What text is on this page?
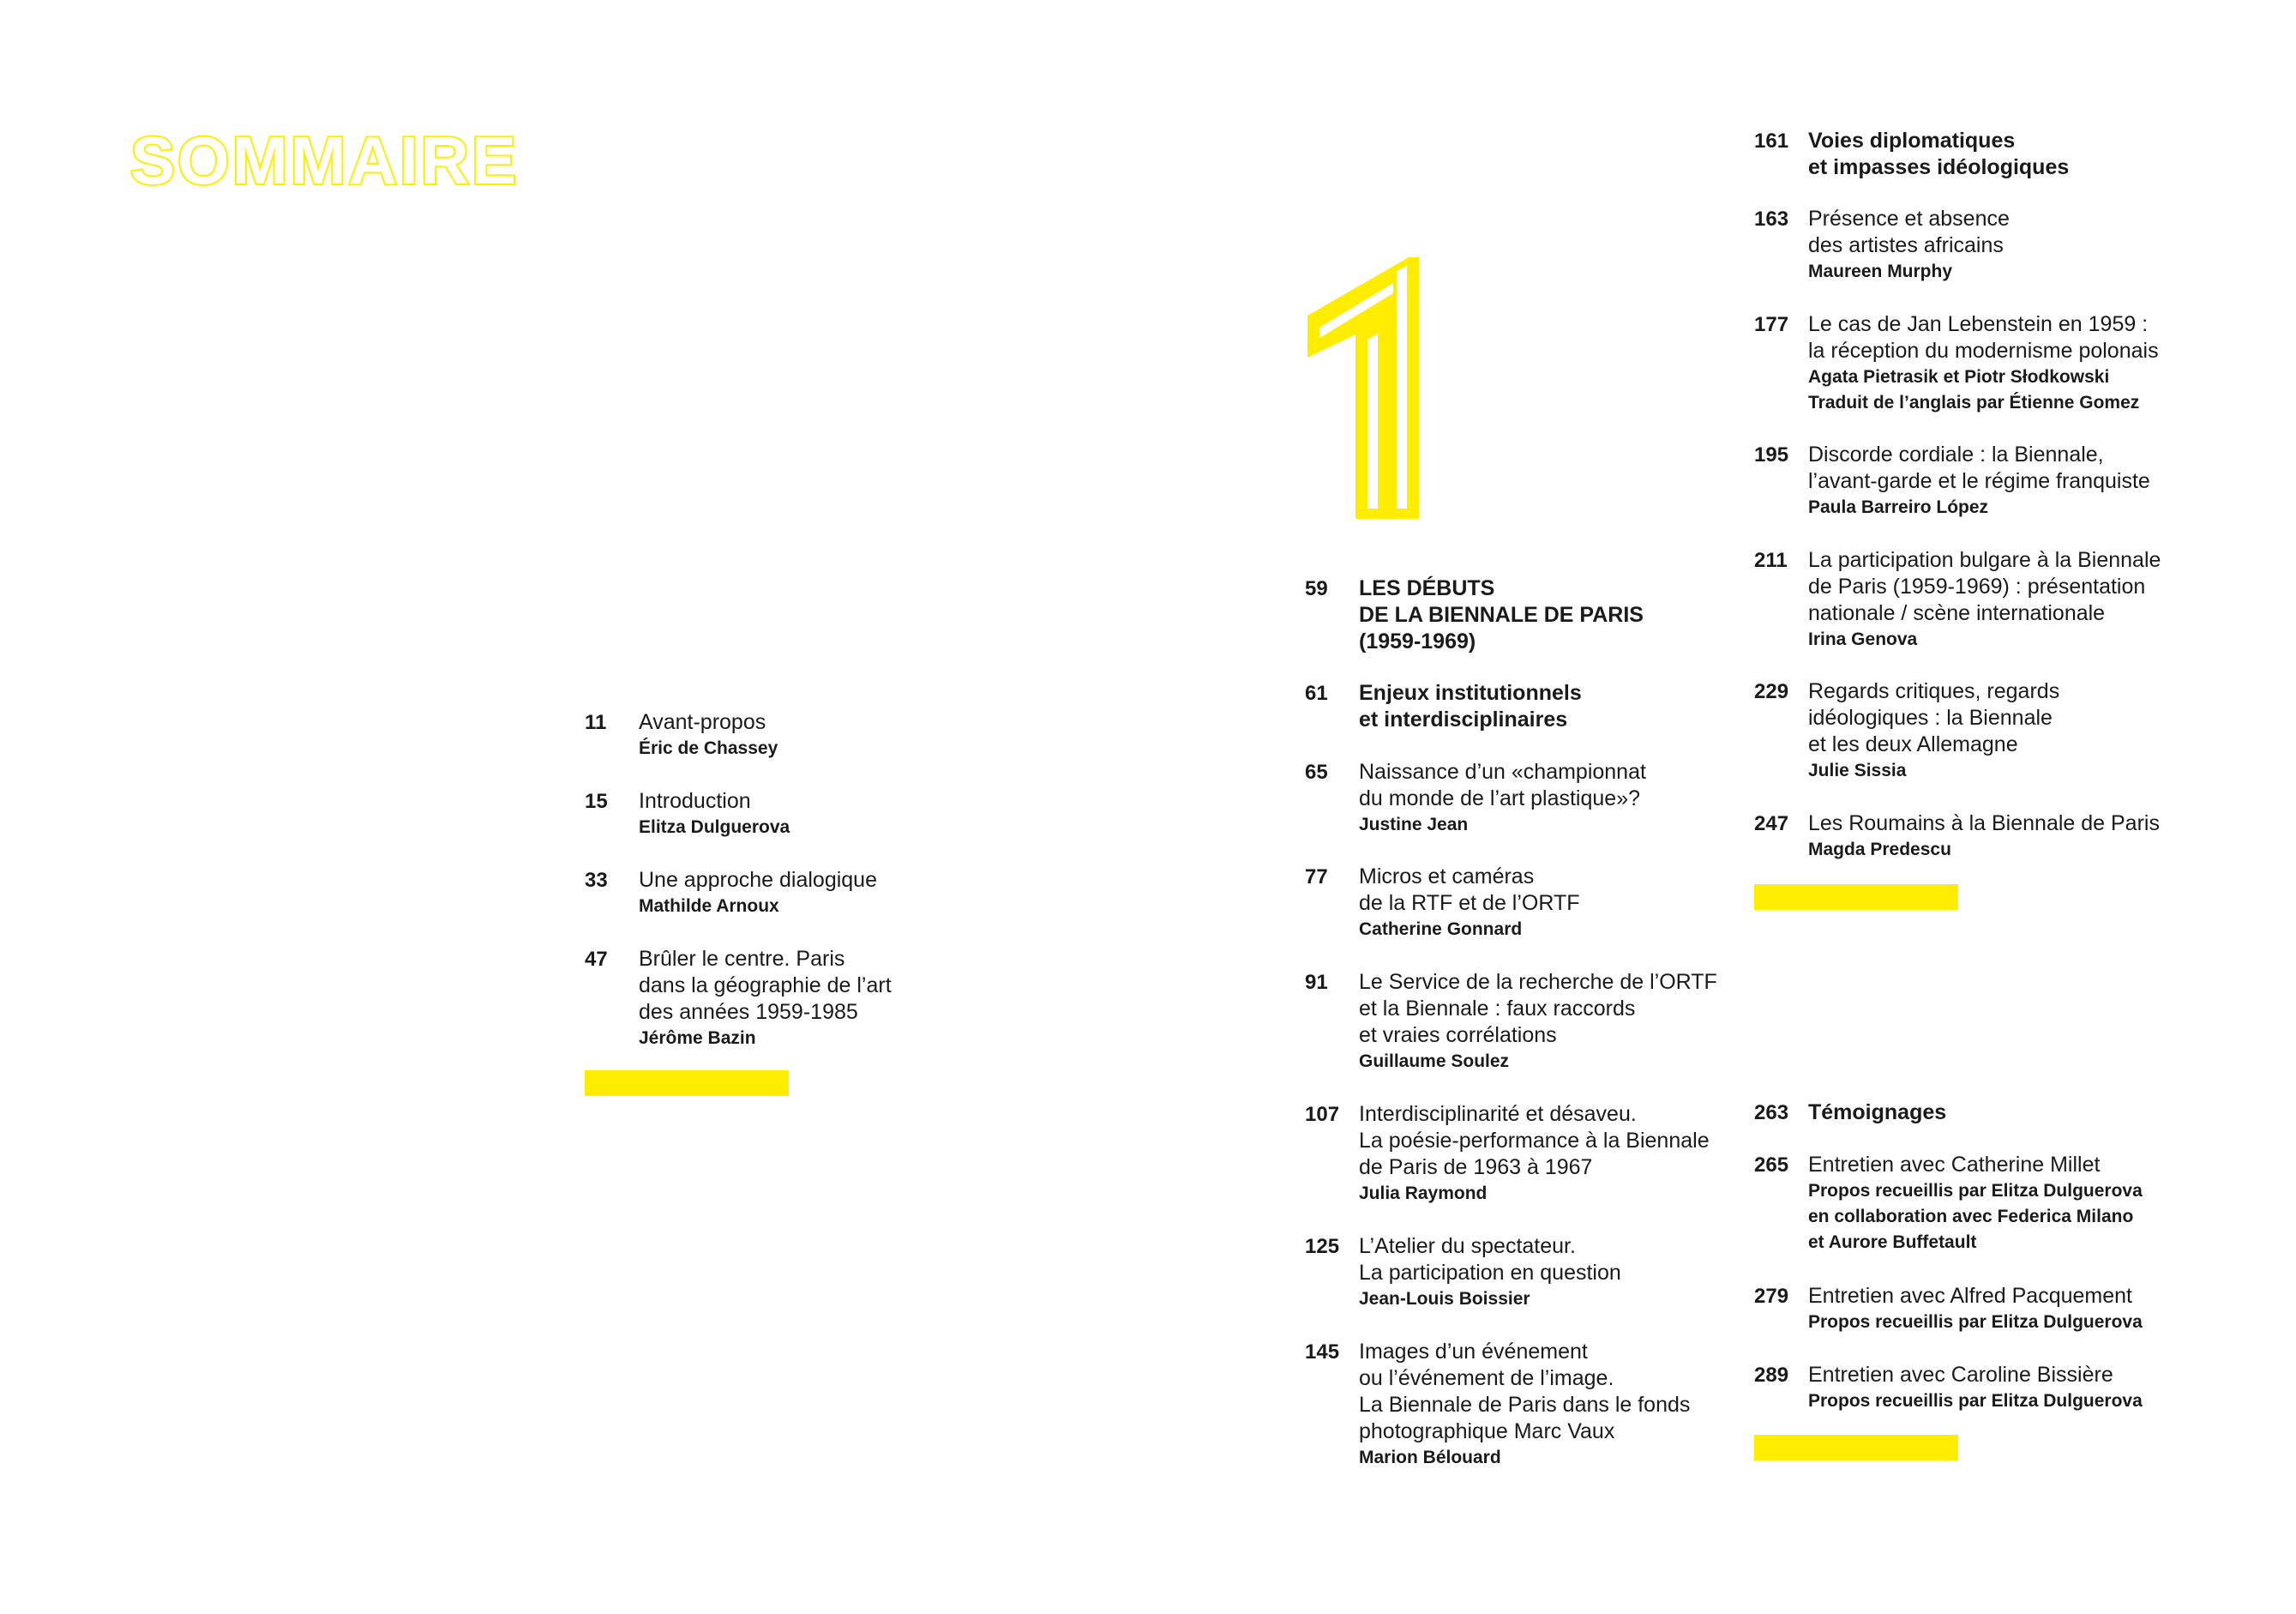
SOMMAIRE
1
11 Avant-propos
Éric de Chassey
15 Introduction
Elitza Dulguerova
33 Une approche dialogique
Mathilde Arnoux
47 Brûler le centre. Paris
dans la géographie de l’art
des années 1959-1985
Jérôme Bazin
59 LES DÉBUTS
DE LA BIENNALE DE PARIS
(1959-1969)
61 Enjeux institutionnels
et interdisciplinaires
65 Naissance d’un «championnat
du monde de l’art plastique»?
Justine Jean
77 Micros et caméras
de la RTF et de l’ORTF
Catherine Gonnard
91 Le Service de la recherche de l’ORTF
et la Biennale : faux raccords
et vraies corrélations
Guillaume Soulez
107 Interdisciplinarité et désaveu.
La poésie-performance à la Biennale
de Paris de 1963 à 1967
Julia Raymond
125 L’Atelier du spectateur.
La participation en question
Jean-Louis Boissier
145 Images d’un événement
ou l’événement de l’image.
La Biennale de Paris dans le fonds
photographique Marc Vaux
Marion Bélouard
161 Voies diplomatiques
et impasses idéologiques
163 Présence et absence
des artistes africains
Maureen Murphy
177 Le cas de Jan Lebenstein en 1959 :
la réception du modernisme polonais
Agata Pietrasik et Piotr Słodkowski
Traduit de l’anglais par Étienne Gomez
195 Discorde cordiale : la Biennale,
l’avant-garde et le régime franquiste
Paula Barreiro López
211 La participation bulgare à la Biennale
de Paris (1959-1969) : présentation
nationale / scène internationale
Irina Genova
229 Regards critiques, regards
idéologiques : la Biennale
et les deux Allemagne
Julie Sissia
247 Les Roumains à la Biennale de Paris
Magda Predescu
263 Témoignages
265 Entretien avec Catherine Millet
Propos recueillis par Elitza Dulguerova
en collaboration avec Federica Milano
et Aurore Buffetault
279 Entretien avec Alfred Pacquement
Propos recueillis par Elitza Dulguerova
289 Entretien avec Caroline Bissière
Propos recueillis par Elitza Dulguerova
